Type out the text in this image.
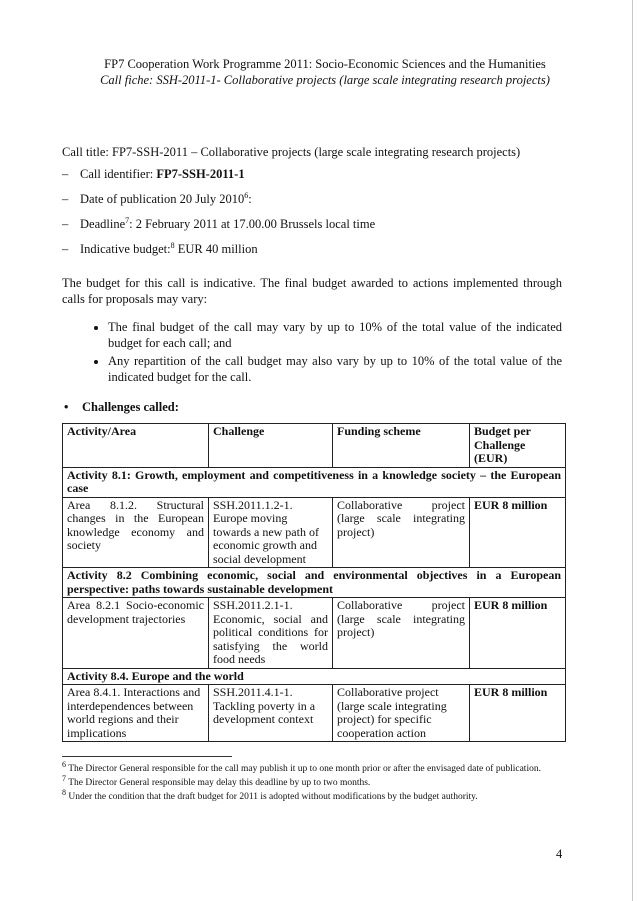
FP7 Cooperation Work Programme 2011: Socio-Economic Sciences and the Humanities
Call fiche: SSH-2011-1- Collaborative projects (large scale integrating research projects)

Call title: FP7-SSH-2011 – Collaborative projects (large scale integrating research projects)

– Call identifier: FP7-SSH-2011-1
– Date of publication 20 July 2010$^6$:
– Deadline$^7$: 2 February 2011 at 17.00.00 Brussels local time
– Indicative budget:$^8$ EUR 40 million

The budget for this call is indicative. The final budget awarded to actions implemented through calls for proposals may vary:

• The final budget of the call may vary by up to 10% of the total value of the indicated budget for each call; and
• Any repartition of the call budget may also vary by up to 10% of the total value of the indicated budget for the call.
• Challenges called:
Activity/Area	Challenge	Funding scheme	Budget per Challenge (EUR)
Activity 8.1: Growth, employment and competitiveness in a knowledge society – the European case			
Area 8.1.2. Structural changes in the European knowledge economy and society	SSH.2011.1.2-1. Europe moving towards a new path of economic growth and social development	Collaborative project (large scale integrating project)	EUR 8 million
Activity 8.2 Combining economic, social and environmental objectives in a European perspective: paths towards sustainable development			
Area 8.2.1 Socio-economic development trajectories	SSH.2011.2.1-1. Economic, social and political conditions for satisfying the world food needs	Collaborative project (large scale integrating project)	EUR 8 million
Activity 8.4. Europe and the world			
Area 8.4.1. Interactions and interdependences between world regions and their implications	SSH.2011.4.1-1. Tackling poverty in a development context	Collaborative project (large scale integrating project) for specific cooperation action	EUR 8 million

$^6$ The Director General responsible for the call may publish it up to one month prior or after the envisaged date of publication.

$^7$ The Director General responsible may delay this deadline by up to two months.

$^8$ Under the condition that the draft budget for 2011 is adopted without modifications by the budget authority.

4
